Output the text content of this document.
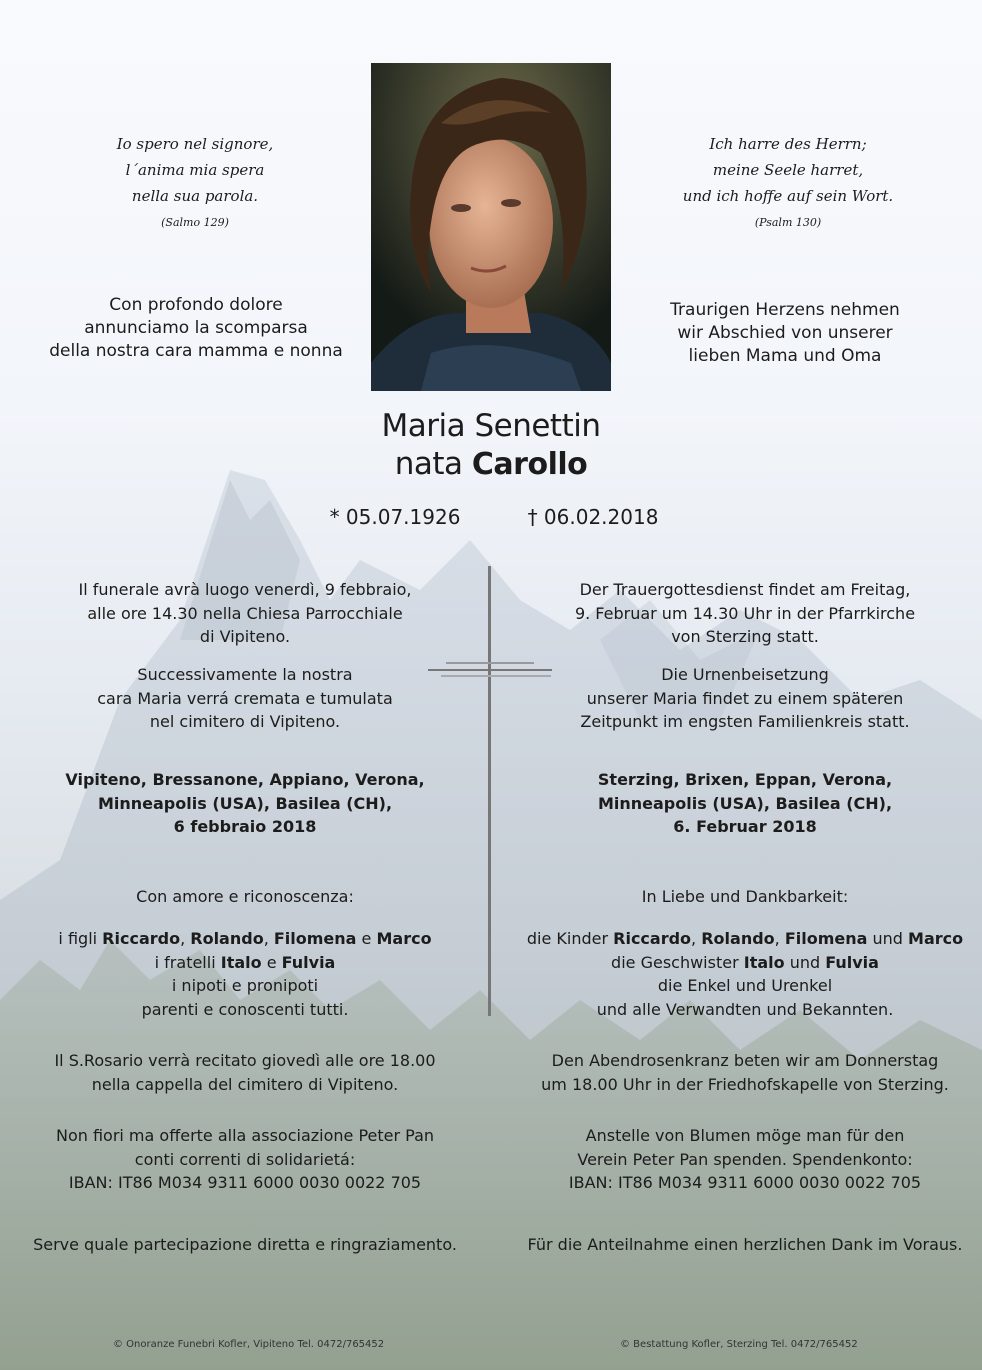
Io spero nel signore,
l´anima mia spera
nella sua parola.
(Salmo 129)
Ich harre des Herrn;
meine Seele harret,
und ich hoffe auf sein Wort.
(Psalm 130)
Con profondo dolore
annunciamo la scomparsa
della nostra cara mamma e nonna
Traurigen Herzens nehmen
wir Abschied von unserer
lieben Mama und Oma
Maria Senettin
nata Carollo
* 05.07.1926	† 06.02.2018

Il funerale avrà luogo venerdì, 9 febbraio,

alle ore 14.30 nella Chiesa Parrocchiale

di Vipiteno.

Successivamente la nostra

cara Maria verrá cremata e tumulata

nel cimitero di Vipiteno.

Vipiteno, Bressanone, Appiano, Verona,

Minneapolis (USA), Basilea (CH),

6 febbraio 2018

Con amore e riconoscenza:

i figli Riccardo, Rolando, Filomena e Marco

i fratelli Italo e Fulvia

i nipoti e pronipoti

parenti e conoscenti tutti.

Il S.Rosario verrà recitato giovedì alle ore 18.00

nella cappella del cimitero di Vipiteno.

Non fiori ma offerte alla associazione Peter Pan

conti correnti di solidarietá:

IBAN: IT86 M034 9311 6000 0030 0022 705

Serve quale partecipazione diretta e ringraziamento.

Der Trauergottesdienst findet am Freitag,

9. Februar um 14.30 Uhr in der Pfarrkirche

von Sterzing statt.

Die Urnenbeisetzung

unserer Maria findet zu einem späteren

Zeitpunkt im engsten Familienkreis statt.

Sterzing, Brixen, Eppan, Verona,

Minneapolis (USA), Basilea (CH),

6. Februar 2018

In Liebe und Dankbarkeit:

die Kinder Riccardo, Rolando, Filomena und Marco

die Geschwister Italo und Fulvia

die Enkel und Urenkel

und alle Verwandten und Bekannten.

Den Abendrosenkranz beten wir am Donnerstag

um 18.00 Uhr in der Friedhofskapelle von Sterzing.

Anstelle von Blumen möge man für den

Verein Peter Pan spenden. Spendenkonto:

IBAN: IT86 M034 9311 6000 0030 0022 705

Für die Anteilnahme einen herzlichen Dank im Voraus.
© Onoranze Funebri Kofler, Vipiteno Tel. 0472/765452	© Bestattung Kofler, Sterzing Tel. 0472/765452
